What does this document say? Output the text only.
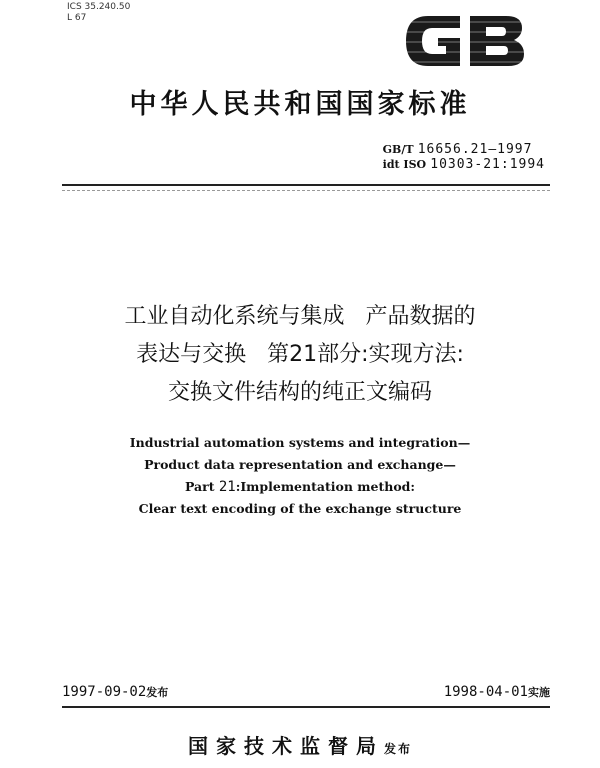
ICS 35.240.50
L 67
中华人民共和国国家标准
GB/T 16656.21—1997
idt ISO 10303-21:1994
工业自动化系统与集成   产品数据的
表达与交换   第21部分:实现方法:
交换文件结构的纯正文编码
Industrial automation systems and integration—
Product data representation and exchange—
Part 21:Implementation method:
Clear text encoding of the exchange structure
1997-09-02发布	1998-04-01实施
国家技术监督局发布
